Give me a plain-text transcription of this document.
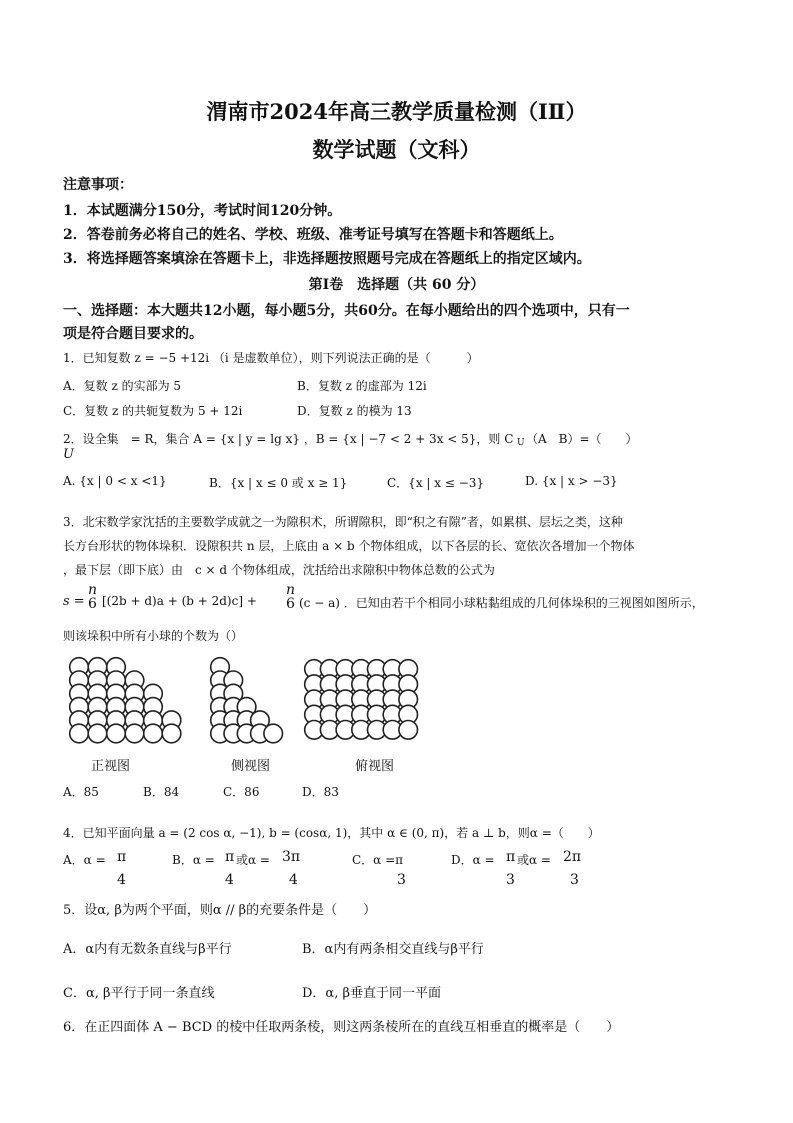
渭南市2024年高三教学质量检测（IⅡ）
数学试题（文科）
注意事项：
1．本试题满分150分，考试时间120分钟。
2．答卷前务必将自己的姓名、学校、班级、准考证号填写在答题卡和答题纸上。
3．将选择题答案填涂在答题卡上，非选择题按照题号完成在答题纸上的指定区域内。
第Ⅰ卷　选择题（共 60 分）
一、选择题：本大题共12小题，每小题5分，共60分。在每小题给出的四个选项中，只有一
项是符合题目要求的。
1．已知复数 z = −5 +12i （i 是虚数单位），则下列说法正确的是（　　　）
A．复数 z 的实部为 5	B．复数 z 的虚部为 12i
C．复数 z 的共轭复数为 5 + 12i	D．复数 z 的模为 13
2．设全集　= R，集合 A = {x | y = lg x} ，B = {x | −7 < 2 + 3x < 5}，则 C U （A　B）=（　　）
U
A. {x | 0 < x <1}	B．{x | x ≤ 0 或 x ≥ 1}	C．{x | x ≤ −3}	D. {x | x > −3}
3．北宋数学家沈括的主要数学成就之一为隙积术，所谓隙积，即“积之有隙”者，如累棋、层坛之类，这种
长方台形状的物体垛积．设隙积共 n 层，上底由 a × b 个物体组成，以下各层的长、宽依次各增加一个物体
，最下层（即下底）由　c × d 个物体组成，沈括给出求隙积中物体总数的公式为
s =
n
6 [(2b + d)a + (b + 2d)c] +
n
6 (c − a) ．已知由若干个相同小球粘黏组成的几何体垛积的三视图如图所示，
则该垛积中所有小球的个数为（）
正视图	侧视图	俯视图
A．85	B．84	C．86	D．83
4．已知平面向量 a = (2 cos α, −1), b = (cosα, 1)，其中 α ∈ (0, π)，若 a ⊥ b，则α =（　　）
A．α = π
4
B．α = π 或α = 3π
4	4
C．α =π
3
D．α = π 或α = 2π
3	3
5．设α, β为两个平面，则α // β的充要条件是（　　）
A．α内有无数条直线与β平行	B．α内有两条相交直线与β平行
C．α, β平行于同一条直线	D．α, β垂直于同一平面
6．在正四面体 A − BCD 的棱中任取两条棱，则这两条棱所在的直线互相垂直的概率是（　　）
